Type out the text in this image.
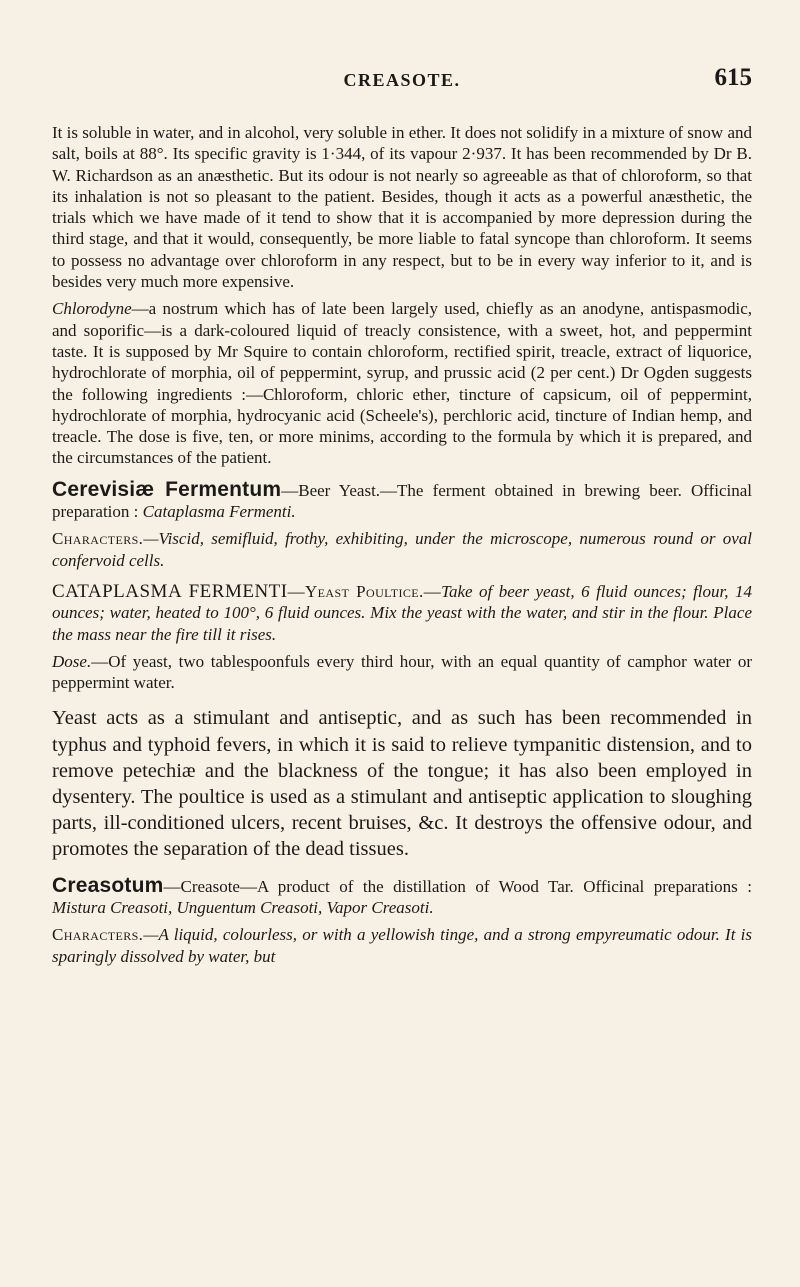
CREASOTE.	615

It is soluble in water, and in alcohol, very soluble in ether. It does not solidify in a mixture of snow and salt, boils at 88°. Its specific gravity is 1·344, of its vapour 2·937. It has been recommended by Dr B. W. Richardson as an anæsthetic. But its odour is not nearly so agreeable as that of chloroform, so that its inhalation is not so pleasant to the patient. Besides, though it acts as a powerful anæsthetic, the trials which we have made of it tend to show that it is accompanied by more depression during the third stage, and that it would, consequently, be more liable to fatal syncope than chloroform. It seems to possess no advantage over chloroform in any respect, but to be in every way inferior to it, and is besides very much more expensive.

Chlorodyne—a nostrum which has of late been largely used, chiefly as an anodyne, antispasmodic, and soporific—is a dark-coloured liquid of treacly consistence, with a sweet, hot, and peppermint taste. It is supposed by Mr Squire to contain chloroform, rectified spirit, treacle, extract of liquorice, hydrochlorate of morphia, oil of peppermint, syrup, and prussic acid (2 per cent.) Dr Ogden suggests the following ingredients :—Chloroform, chloric ether, tincture of capsicum, oil of peppermint, hydrochlorate of morphia, hydrocyanic acid (Scheele's), perchloric acid, tincture of Indian hemp, and treacle. The dose is five, ten, or more minims, according to the formula by which it is prepared, and the circumstances of the patient.

Cerevisiæ Fermentum—Beer Yeast.—The ferment obtained in brewing beer. Officinal preparation : Cataplasma Fermenti.

Characters.—Viscid, semifluid, frothy, exhibiting, under the microscope, numerous round or oval confervoid cells.

CATAPLASMA FERMENTI—Yeast Poultice.—Take of beer yeast, 6 fluid ounces; flour, 14 ounces; water, heated to 100°, 6 fluid ounces. Mix the yeast with the water, and stir in the flour. Place the mass near the fire till it rises.

Dose.—Of yeast, two tablespoonfuls every third hour, with an equal quantity of camphor water or peppermint water.

Yeast acts as a stimulant and antiseptic, and as such has been recommended in typhus and typhoid fevers, in which it is said to relieve tympanitic distension, and to remove petechiæ and the blackness of the tongue; it has also been employed in dysentery. The poultice is used as a stimulant and antiseptic application to sloughing parts, ill-conditioned ulcers, recent bruises, &c. It destroys the offensive odour, and promotes the separation of the dead tissues.

Creasotum—Creasote—A product of the distillation of Wood Tar. Officinal preparations : Mistura Creasoti, Unguentum Creasoti, Vapor Creasoti.

Characters.—A liquid, colourless, or with a yellowish tinge, and a strong empyreumatic odour. It is sparingly dissolved by water, but
